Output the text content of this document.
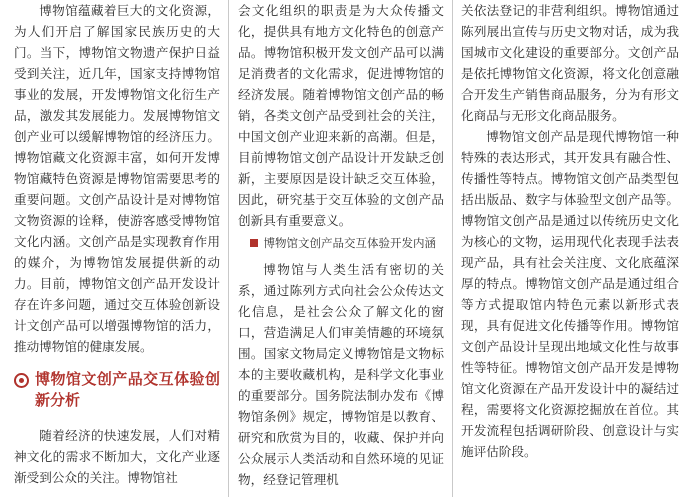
博物馆蕴藏着巨大的文化资源，为人们开启了解国家民族历史的大门。当下，博物馆文物遗产保护日益受到关注，近几年，国家支持博物馆事业的发展，开发博物馆文化衍生产品，激发其发展能力。发展博物馆文创产业可以缓解博物馆的经济压力。博物馆藏文化资源丰富，如何开发博物馆藏特色资源是博物馆需要思考的重要问题。文创产品设计是对博物馆文物资源的诠释，使游客感受博物馆文化内涵。文创产品是实现教育作用的媒介，为博物馆发展提供新的动力。目前，博物馆文创产品开发设计存在许多问题，通过交互体验创新设计文创产品可以增强博物馆的活力，推动博物馆的健康发展。

博物馆文创产品交互体验创新分析

随着经济的快速发展，人们对精神文化的需求不断加大，文化产业逐渐受到公众的关注。博物馆社

会文化组织的职责是为大众传播文化，提供具有地方文化特色的创意产品。博物馆积极开发文创产品可以满足消费者的文化需求，促进博物馆的经济发展。随着博物馆文创产品的畅销，各类文创产品受到社会的关注，中国文创产业迎来新的高潮。但是，目前博物馆文创产品设计开发缺乏创新，主要原因是设计缺乏交互体验，因此，研究基于交互体验的文创产品创新具有重要意义。

博物馆文创产品交互体验开发内涵

博物馆与人类生活有密切的关系，通过陈列方式向社会公众传达文化信息，是社会公众了解文化的窗口，营造满足人们审美情趣的环境氛围。国家文物局定义博物馆是文物标本的主要收藏机构，是科学文化事业的重要部分。国务院法制办发布《博物馆条例》规定，博物馆是以教育、研究和欣赏为目的，收藏、保护并向公众展示人类活动和自然环境的见证物，经登记管理机

关依法登记的非营利组织。博物馆通过陈列展出宣传与历史文物对话，成为我国城市文化建设的重要部分。文创产品是依托博物馆文化资源，将文化创意融合开发生产销售商品服务，分为有形文化商品与无形文化商品服务。

博物馆文创产品是现代博物馆一种特殊的表达形式，其开发具有融合性、传播性等特点。博物馆文创产品类型包括出版品、数字与体验型文创产品等。博物馆文创产品是通过以传统历史文化为核心的文物，运用现代化表现手法表现产品，具有社会关注度、文化底蕴深厚的特点。博物馆文创产品是通过组合等方式提取馆内特色元素以新形式表现，具有促进文化传播等作用。博物馆文创产品设计呈现出地域文化性与故事性等特征。博物馆文创产品开发是博物馆文化资源在产品开发设计中的凝结过程，需要将文化资源挖掘放在首位。其开发流程包括调研阶段、创意设计与实施评估阶段。
